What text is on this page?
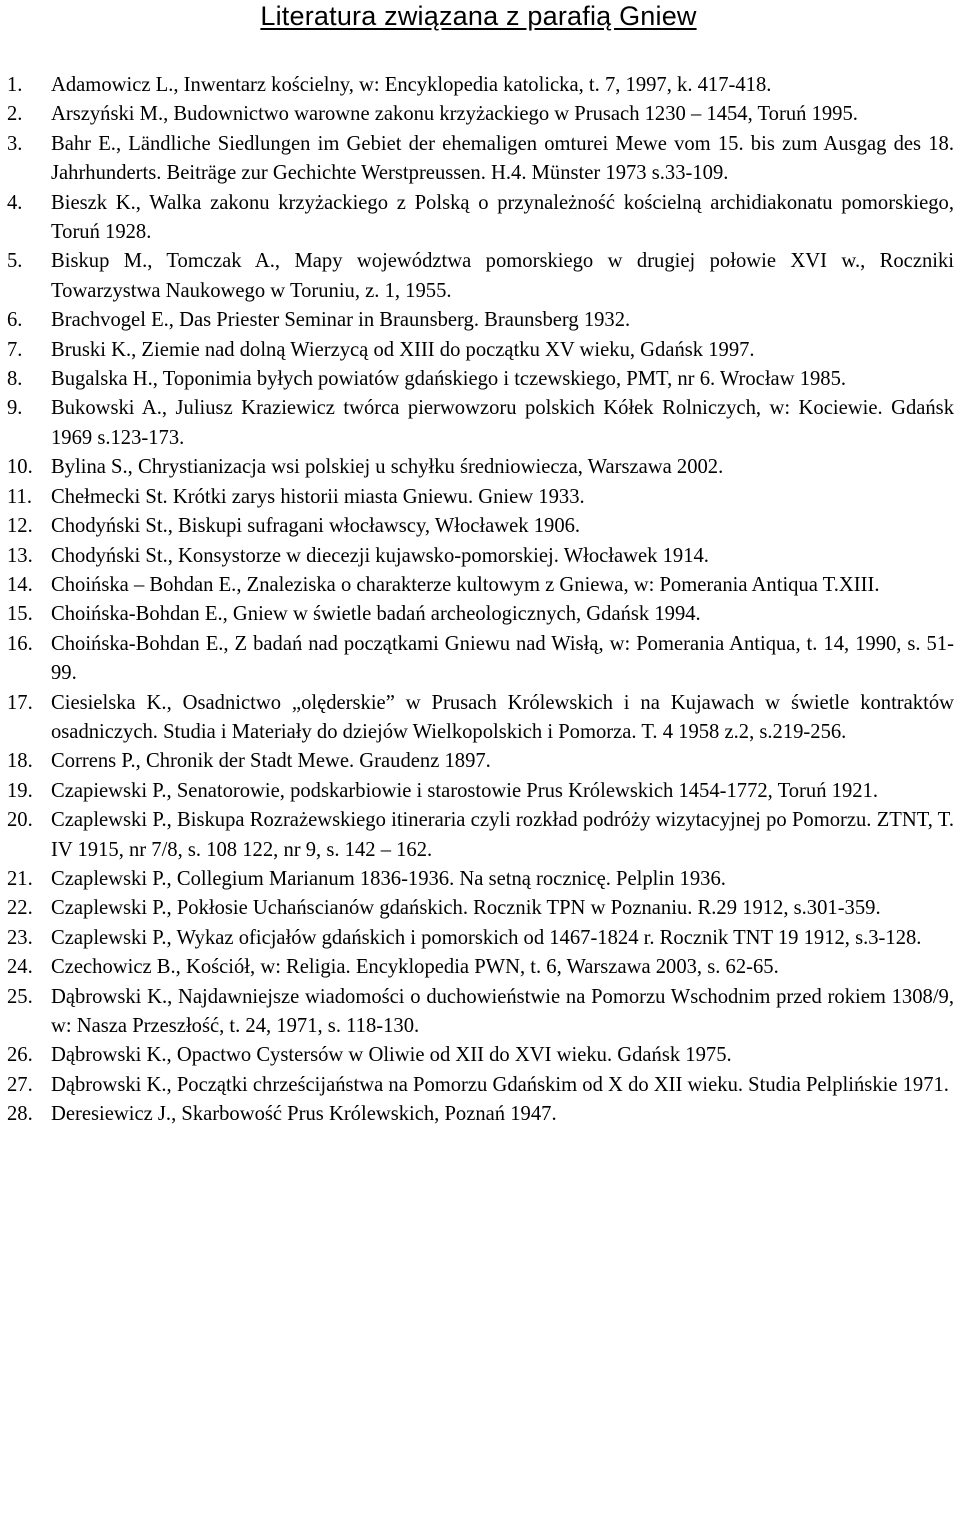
Literatura związana z parafią Gniew
1. Adamowicz L., Inwentarz kościelny, w: Encyklopedia katolicka, t. 7, 1997, k. 417-418.
2. Arszyński M., Budownictwo warowne zakonu krzyżackiego w Prusach 1230 – 1454, Toruń 1995.
3. Bahr E., Ländliche Siedlungen im Gebiet der ehemaligen omturei Mewe vom 15. bis zum Ausgag des 18. Jahrhunderts. Beiträge zur Gechichte Werstpreussen. H.4. Münster 1973 s.33-109.
4. Bieszk K., Walka zakonu krzyżackiego z Polską o przynależność kościelną archidiakonatu pomorskiego, Toruń 1928.
5. Biskup M., Tomczak A., Mapy województwa pomorskiego w drugiej połowie XVI w., Roczniki Towarzystwa Naukowego w Toruniu, z. 1, 1955.
6. Brachvogel E., Das Priester Seminar in Braunsberg. Braunsberg 1932.
7. Bruski K., Ziemie nad dolną Wierzycą od XIII do początku XV wieku, Gdańsk 1997.
8. Bugalska H., Toponimia byłych powiatów gdańskiego i tczewskiego, PMT, nr 6. Wrocław 1985.
9. Bukowski A., Juliusz Kraziewicz twórca pierwowzoru polskich Kółek Rolniczych, w: Kociewie. Gdańsk 1969 s.123-173.
10. Bylina S., Chrystianizacja wsi polskiej u schyłku średniowiecza, Warszawa 2002.
11. Chełmecki St. Krótki zarys historii miasta Gniewu. Gniew 1933.
12. Chodyński St., Biskupi sufragani włocławscy, Włocławek 1906.
13. Chodyński St., Konsystorze w diecezji kujawsko-pomorskiej. Włocławek 1914.
14. Choińska – Bohdan E., Znaleziska o charakterze kultowym z Gniewa, w: Pomerania Antiqua T.XIII.
15. Choińska-Bohdan E., Gniew w świetle badań archeologicznych, Gdańsk 1994.
16. Choińska-Bohdan E., Z badań nad początkami Gniewu nad Wisłą, w: Pomerania Antiqua, t. 14, 1990, s. 51-99.
17. Ciesielska K., Osadnictwo „olęderskie” w Prusach Królewskich i na Kujawach w świetle kontraktów osadniczych. Studia i Materiały do dziejów Wielkopolskich i Pomorza. T. 4 1958 z.2, s.219-256.
18. Correns P., Chronik der Stadt Mewe. Graudenz 1897.
19. Czapiewski P., Senatorowie, podskarbiowie i starostowie Prus Królewskich 1454-1772, Toruń 1921.
20. Czaplewski P., Biskupa Rozrażewskiego itineraria czyli rozkład podróży wizytacyjnej po Pomorzu. ZTNT, T. IV 1915, nr 7/8, s. 108 122, nr 9, s. 142 – 162.
21. Czaplewski P., Collegium Marianum 1836-1936. Na setną rocznicę. Pelplin 1936.
22. Czaplewski P., Pokłosie Uchańscianów gdańskich. Rocznik TPN w Poznaniu. R.29 1912, s.301-359.
23. Czaplewski P., Wykaz oficjałów gdańskich i pomorskich od 1467-1824 r. Rocznik TNT 19 1912, s.3-128.
24. Czechowicz B., Kościół, w: Religia. Encyklopedia PWN, t. 6, Warszawa 2003, s. 62-65.
25. Dąbrowski K., Najdawniejsze wiadomości o duchowieństwie na Pomorzu Wschodnim przed rokiem 1308/9, w: Nasza Przeszłość, t. 24, 1971, s. 118-130.
26. Dąbrowski K., Opactwo Cystersów w Oliwie od XII do XVI wieku. Gdańsk 1975.
27. Dąbrowski K., Początki chrześcijaństwa na Pomorzu Gdańskim od X do XII wieku. Studia Pelplińskie 1971.
28. Deresiewicz J., Skarbowość Prus Królewskich, Poznań 1947.
